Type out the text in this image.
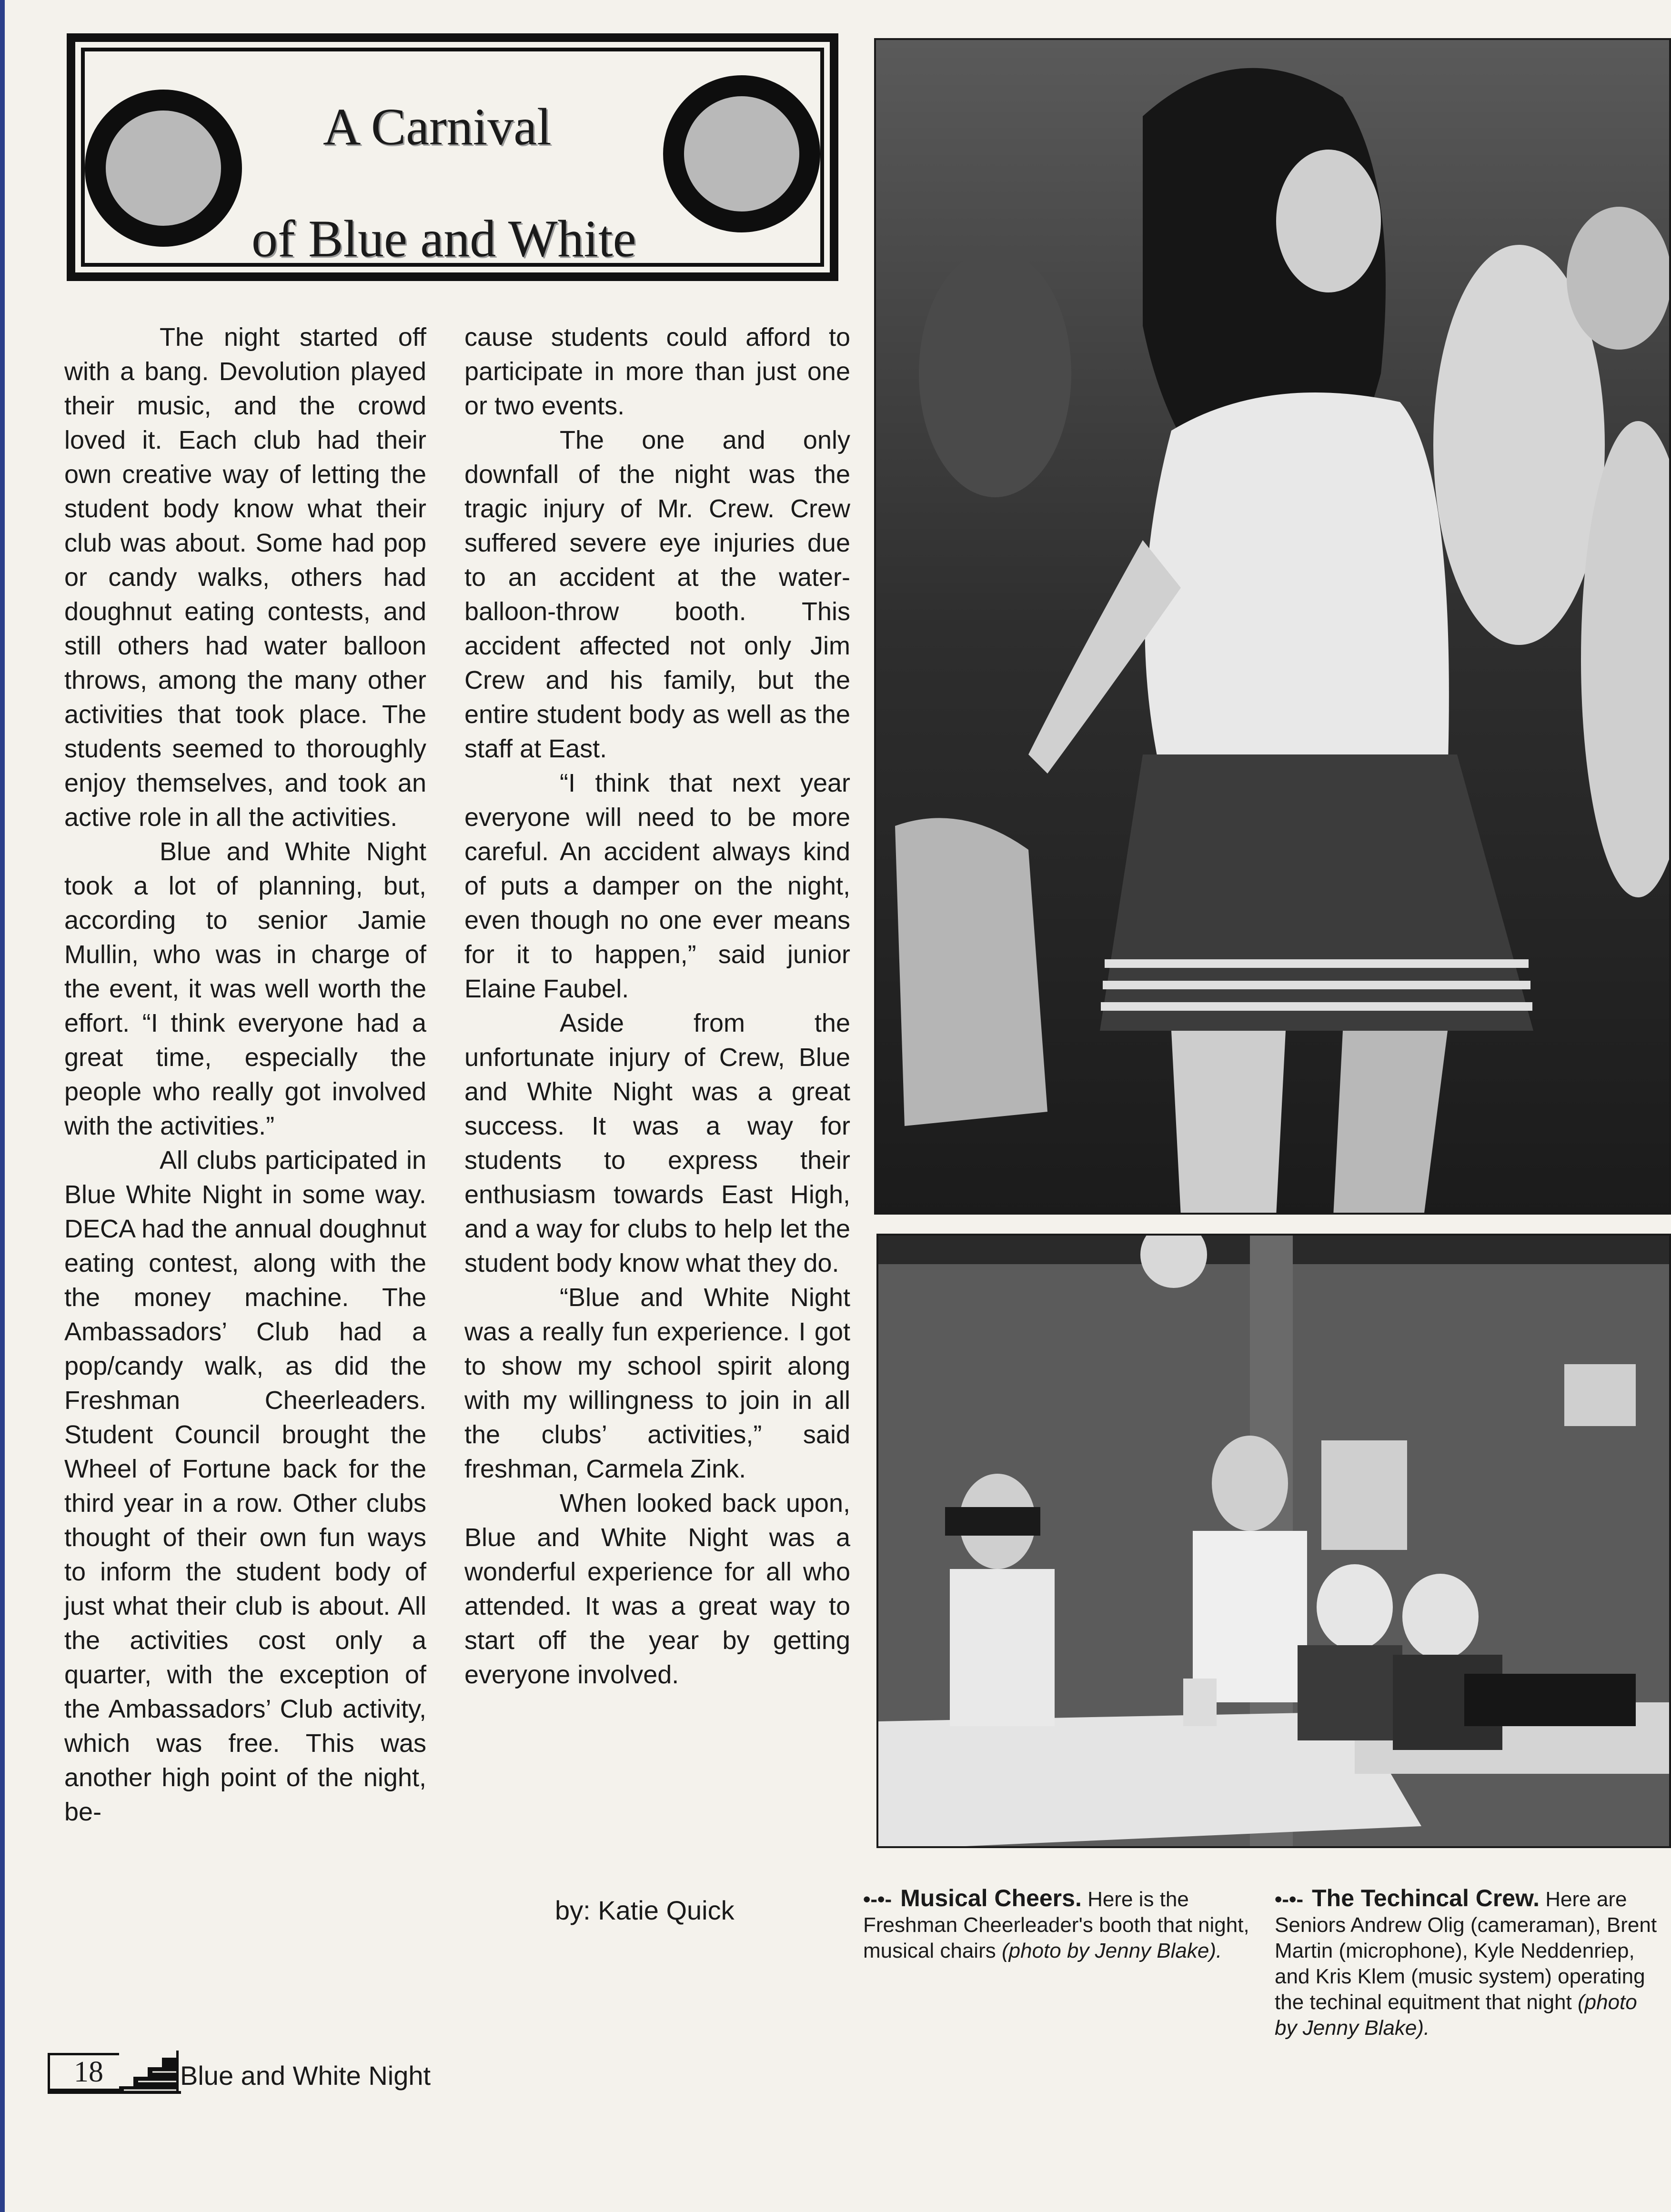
A Carnival
of Blue and White

The night started off with a bang. Devolution played their music, and the crowd loved it. Each club had their own creative way of letting the student body know what their club was about. Some had pop or candy walks, others had doughnut eating contests, and still others had water balloon throws, among the many other activities that took place. The students seemed to thoroughly enjoy themselves, and took an active role in all the activities.

Blue and White Night took a lot of planning, but, according to senior Jamie Mullin, who was in charge of the event, it was well worth the effort. “I think everyone had a great time, especially the people who really got involved with the activities.”

All clubs participated in Blue White Night in some way. DECA had the annual doughnut eating contest, along with the the money machine. The Ambassadors’ Club had a pop/candy walk, as did the Freshman Cheerleaders. Student Council brought the Wheel of Fortune back for the third year in a row. Other clubs thought of their own fun ways to inform the student body of just what their club is about. All the activities cost only a quarter, with the exception of the Ambassadors’ Club activity, which was free. This was another high point of the night, be-

cause students could afford to participate in more than just one or two events.

The one and only downfall of the night was the tragic injury of Mr. Crew. Crew suffered severe eye injuries due to an accident at the water- balloon-throw booth. This accident affected not only Jim Crew and his family, but the entire student body as well as the staff at East.

“I think that next year everyone will need to be more careful. An accident always kind of puts a damper on the night, even though no one ever means for it to happen,” said junior Elaine Faubel.

Aside from the unfortunate injury of Crew, Blue and White Night was a great success. It was a way for students to express their enthusiasm towards East High, and a way for clubs to help let the student body know what they do.

“Blue and White Night was a really fun experience. I got to show my school spirit along with my willingness to join in all the clubs’ activities,” said freshman, Carmela Zink.

When looked back upon, Blue and White Night was a wonderful experience for all who attended. It was a great way to start off the year by getting everyone involved.

by: Katie Quick	•-•- Musical Cheers. Here is the Freshman Cheerleader's booth that night, musical chairs (photo by Jenny Blake).
•-•- The Techincal Crew. Here are Seniors Andrew Olig (cameraman), Brent Martin (microphone), Kyle Neddenriep, and Kris Klem (music system) operating the techinal equitment that night (photo by Jenny Blake).
18	Blue and White Night
